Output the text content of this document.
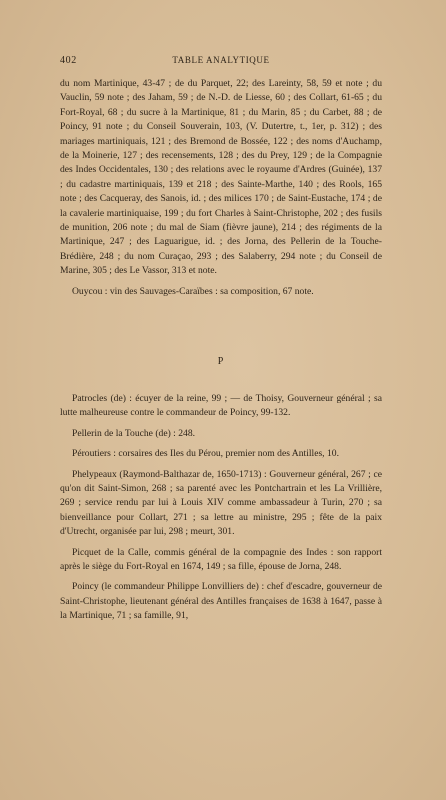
402	TABLE ANALYTIQUE

du nom Martinique, 43-47 ; de du Parquet, 22; des Lareinty, 58, 59 et note ; du Vauclin, 59 note ; des Jaham, 59 ; de N.-D. de Liesse, 60 ; des Collart, 61-65 ; du Fort-Royal, 68 ; du sucre à la Martinique, 81 ; du Marin, 85 ; du Carbet, 88 ; de Poincy, 91 note ; du Conseil Souverain, 103, (V. Dutertre, t., 1er, p. 312) ; des mariages martiniquais, 121 ; des Bremond de Bossée, 122 ; des noms d'Auchamp, de la Moinerie, 127 ; des recensements, 128 ; des du Prey, 129 ; de la Compagnie des Indes Occidentales, 130 ; des relations avec le royaume d'Ardres (Guinée), 137 ; du cadastre martiniquais, 139 et 218 ; des Sainte-Marthe, 140 ; des Rools, 165 note ; des Cacqueray, des Sanois, id. ; des milices 170 ; de Saint-Eustache, 174 ; de la cavalerie martiniquaise, 199 ; du fort Charles à Saint-Christophe, 202 ; des fusils de munition, 206 note ; du mal de Siam (fièvre jaune), 214 ; des régiments de la Martinique, 247 ; des Laguarigue, id. ; des Jorna, des Pellerin de la Touche-Brédière, 248 ; du nom Curaçao, 293 ; des Salaberry, 294 note ; du Conseil de Marine, 305 ; des Le Vassor, 313 et note.

Ouycou : vin des Sauvages-Caraïbes : sa composition, 67 note.

P

Patrocles (de) : écuyer de la reine, 99 ; — de Thoisy, Gouverneur général ; sa lutte malheureuse contre le commandeur de Poincy, 99-132.

Pellerin de la Touche (de) : 248.

Péroutiers : corsaires des Iles du Pérou, premier nom des Antilles, 10.

Phelypeaux (Raymond-Balthazar de, 1650-1713) : Gouverneur général, 267 ; ce qu'on dit Saint-Simon, 268 ; sa parenté avec les Pontchartrain et les La Vrillière, 269 ; service rendu par lui à Louis XIV comme ambassadeur à Turin, 270 ; sa bienveillance pour Collart, 271 ; sa lettre au ministre, 295 ; fête de la paix d'Utrecht, organisée par lui, 298 ; meurt, 301.

Picquet de la Calle, commis général de la compagnie des Indes : son rapport après le siège du Fort-Royal en 1674, 149 ; sa fille, épouse de Jorna, 248.

Poincy (le commandeur Philippe Lonvilliers de) : chef d'escadre, gouverneur de Saint-Christophe, lieutenant général des Antilles françaises de 1638 à 1647, passe à la Martinique, 71 ; sa famille, 91,
